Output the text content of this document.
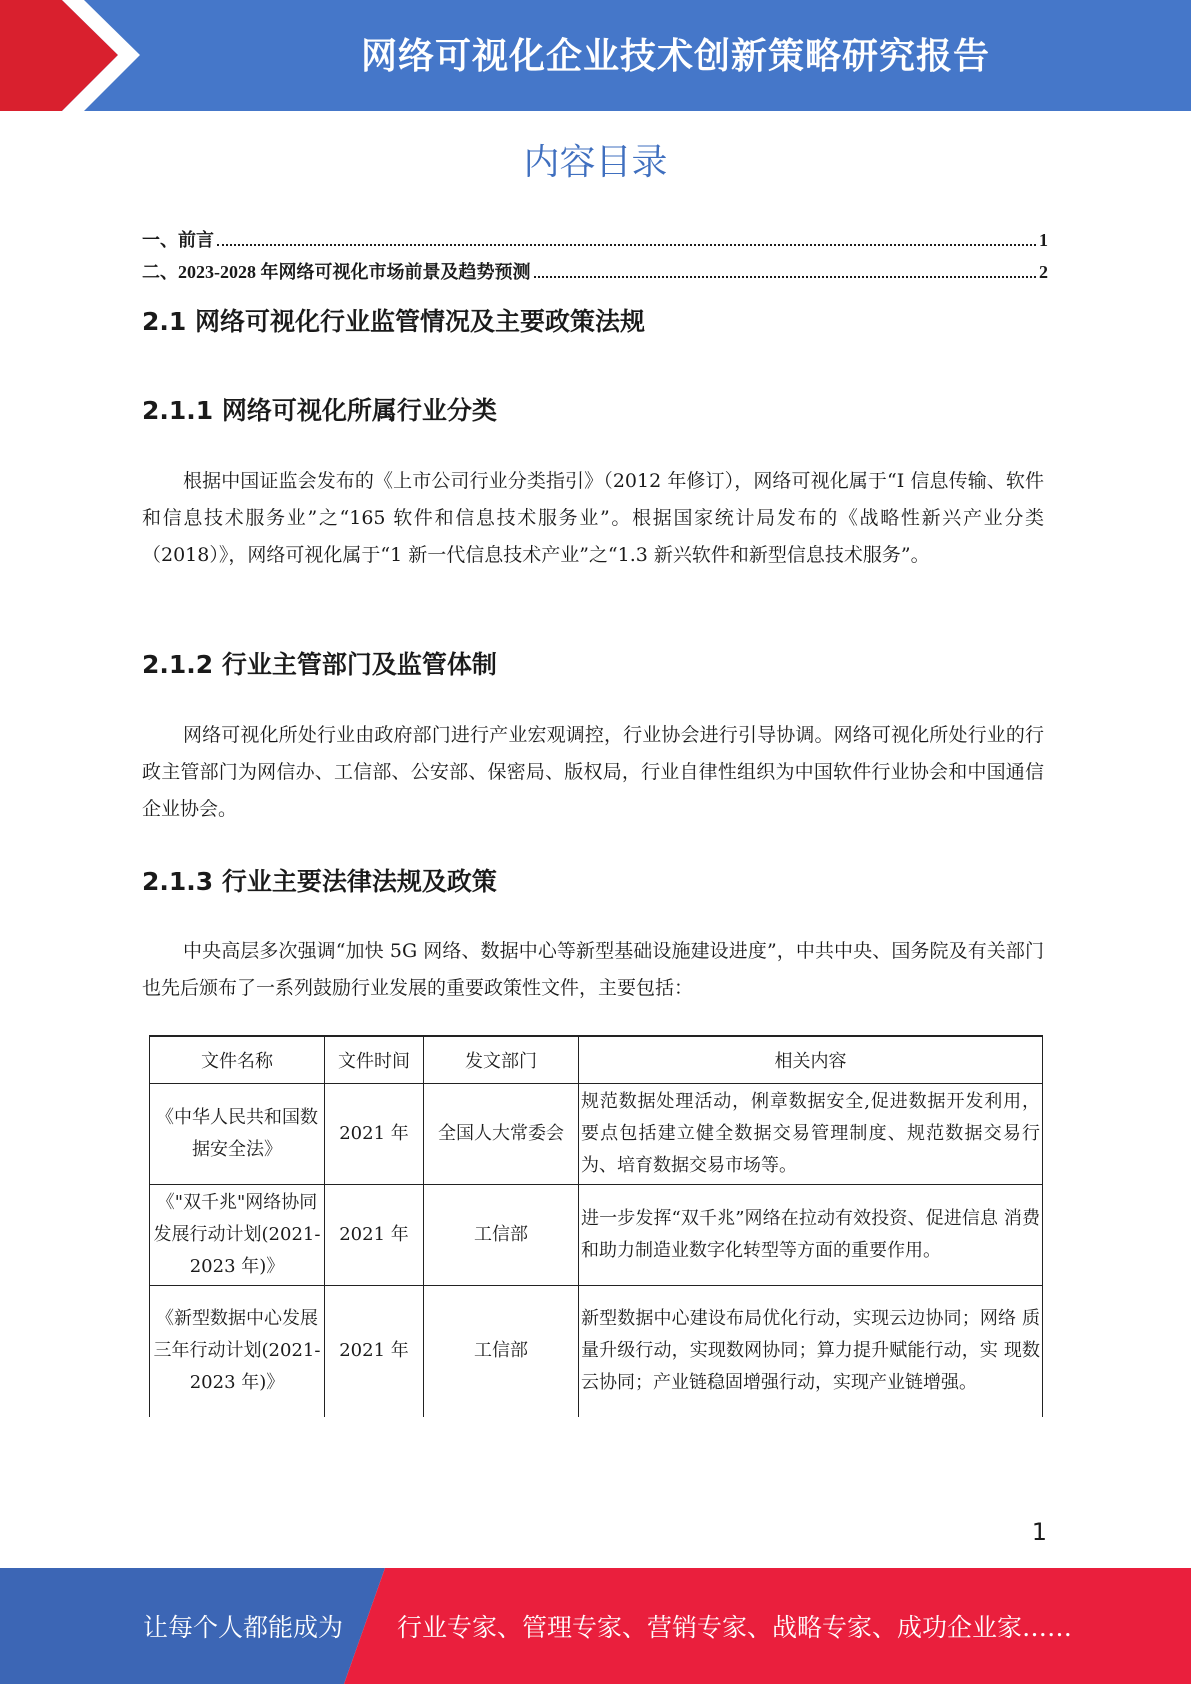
网络可视化企业技术创新策略研究报告
内容目录
一、前言	1
二、2023-2028 年网络可视化市场前景及趋势预测	2
2.1 网络可视化行业监管情况及主要政策法规
2.1.1 网络可视化所属行业分类

根据中国证监会发布的《上市公司行业分类指引》（2012 年修订），网络可视化属于“I 信息传输、软件和信息技术服务业”之“165 软件和信息技术服务业”。根据国家统计局发布的《战略性新兴产业分类（2018）》，网络可视化属于“1 新一代信息技术产业”之“1.3 新兴软件和新型信息技术服务”。

2.1.2 行业主管部门及监管体制

网络可视化所处行业由政府部门进行产业宏观调控，行业协会进行引导协调。网络可视化所处行业的行政主管部门为网信办、工信部、公安部、保密局、版权局，行业自律性组织为中国软件行业协会和中国通信企业协会。

2.1.3 行业主要法律法规及政策

中央高层多次强调“加快 5G 网络、数据中心等新型基础设施建设进度”，中共中央、国务院及有关部门也先后颁布了一系列鼓励行业发展的重要政策性文件，主要包括：

文件名称	文件时间	发文部门	相关内容
《中华人民共和国数 据安全法》	2021 年	全国人大常委会	规范数据处理活动，俐章数据安全,促进数据开发利用， 要点包括建立健全数据交易管理制度、规范数据交易行 为、培育数据交易市场等。
《"双千兆"网络协同发展行动计划(2021-2023 年)》	2021 年	工信部	进一步发挥“双千兆”网络在拉动有效投资、促进信息 消费和助力制造业数字化转型等方面的重要作用。
《新型数据中心发展三年行动计划(2021-2023 年)》	2021 年	工信部	新型数据中心建设布局优化行动，实现云边协同；网络 质量升级行动，实现数网协同；算力提升赋能行动，实 现数云协同；产业链稳固增强行动，实现产业链增强。
1
让每个人都能成为 行业专家、管理专家、营销专家、战略专家、成功企业家……
